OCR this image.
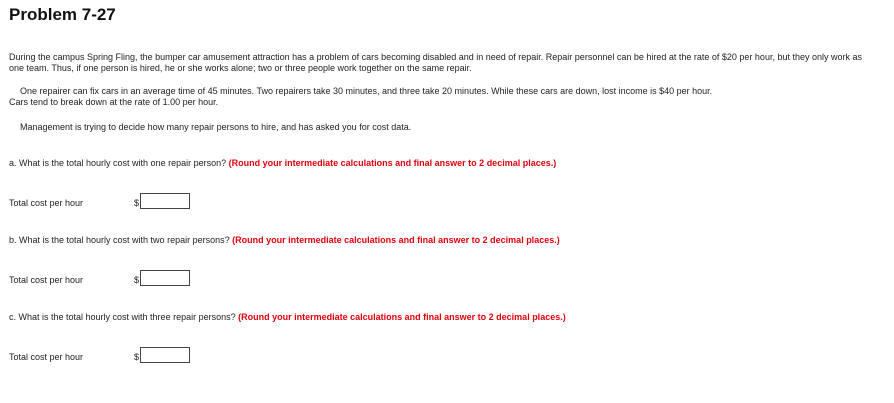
Problem 7-27
During the campus Spring Fling, the bumper car amusement attraction has a problem of cars becoming disabled and in need of repair. Repair personnel can be hired at the rate of $20 per hour, but they only work as one team. Thus, if one person is hired, he or she works alone; two or three people work together on the same repair.
One repairer can fix cars in an average time of 45 minutes. Two repairers take 30 minutes, and three take 20 minutes. While these cars are down, lost income is $40 per hour.
Cars tend to break down at the rate of 1.00 per hour.
Management is trying to decide how many repair persons to hire, and has asked you for cost data.
a. What is the total hourly cost with one repair person? (Round your intermediate calculations and final answer to 2 decimal places.)
Total cost per hour	$
b. What is the total hourly cost with two repair persons? (Round your intermediate calculations and final answer to 2 decimal places.)
Total cost per hour	$
c. What is the total hourly cost with three repair persons? (Round your intermediate calculations and final answer to 2 decimal places.)
Total cost per hour	$
